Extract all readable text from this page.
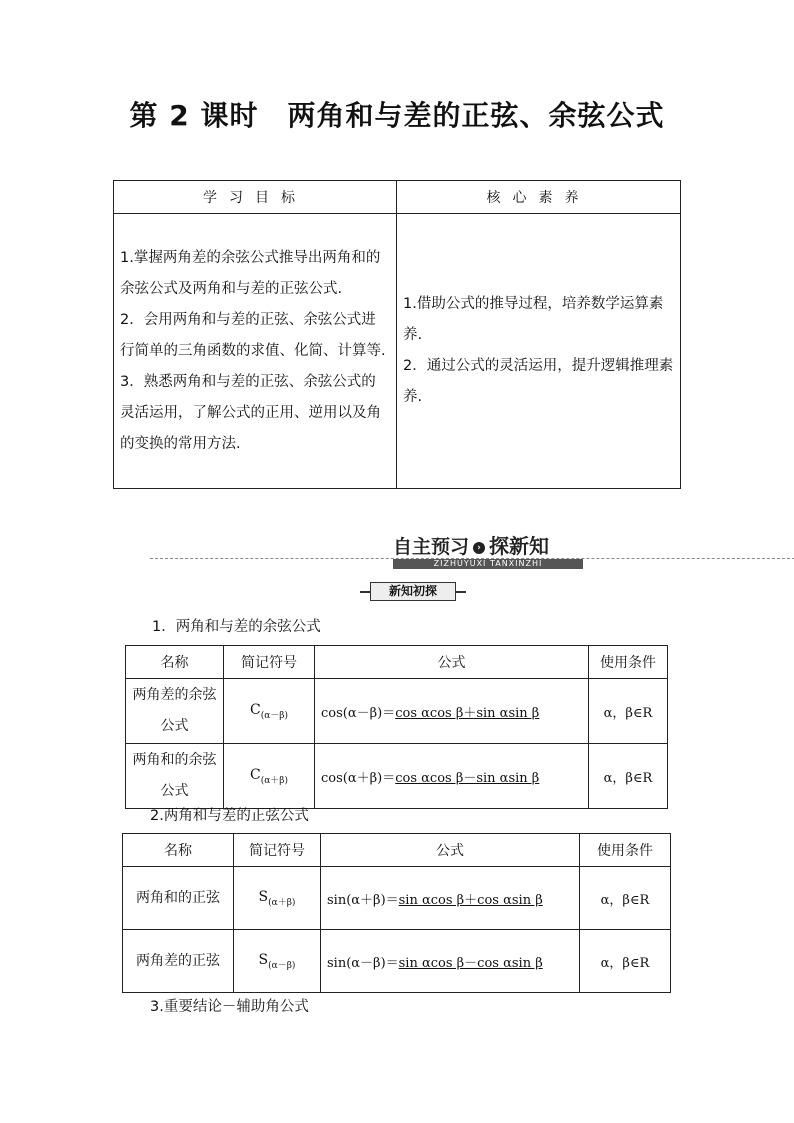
第 2 课时　两角和与差的正弦、余弦公式
学习目标	核心素养
1.掌握两角差的余弦公式推导出两角和的余弦公式及两角和与差的正弦公式.
2．会用两角和与差的正弦、余弦公式进行简单的三角函数的求值、化简、计算等.
3．熟悉两角和与差的正弦、余弦公式的灵活运用，了解公式的正用、逆用以及角的变换的常用方法.	1.借助公式的推导过程，培养数学运算素养.
2．通过公式的灵活运用，提升逻辑推理素养.
自主预习 › 探新知
ZIZHUYUXI TANXINZHI
新知初探
1．两角和与差的余弦公式
名称	简记符号	公式	使用条件
两角差的余弦公式	$C_{(\alpha-\beta)}$	cos(α－β)＝cos αcos β＋sin αsin β	α，β∈R
两角和的余弦公式	$C_{(\alpha+\beta)}$	cos(α＋β)＝cos αcos β－sin αsin β	α，β∈R
2.两角和与差的正弦公式
名称	简记符号	公式	使用条件
两角和的正弦	$S_{(\alpha+\beta)}$	sin(α＋β)＝sin αcos β＋cos αsin β	α，β∈R
两角差的正弦	$S_{(\alpha-\beta)}$	sin(α－β)＝sin αcos β－cos αsin β	α，β∈R
3.重要结论－辅助角公式
